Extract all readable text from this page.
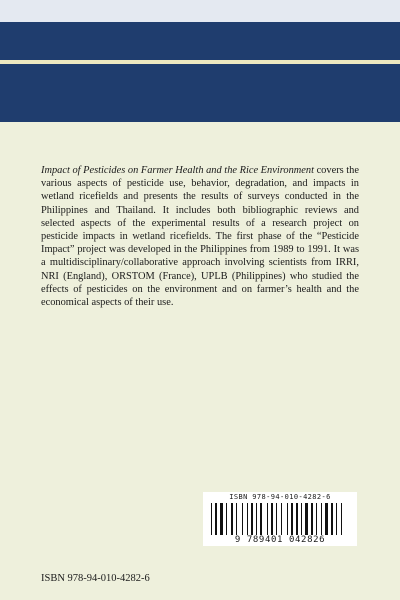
Impact of Pesticides on Farmer Health and the Rice Environment covers the various aspects of pesticide use, behavior, degradation, and impacts in wetland ricefields and presents the results of surveys conducted in the Philippines and Thailand. It includes both bibliographic reviews and selected aspects of the experimental results of a research project on pesticide impacts in wetland ricefields. The first phase of the “Pesticide Impact” project was developed in the Philippines from 1989 to 1991. It was a multidisciplinary/collaborative approach involving scientists from IRRI, NRI (England), ORSTOM (France), UPLB (Philippines) who studied the effects of pesticides on the environment and on farmer’s health and the economical aspects of their use.

ISBN 978-94-010-4282-6
9 789401 042826
ISBN 978-94-010-4282-6
